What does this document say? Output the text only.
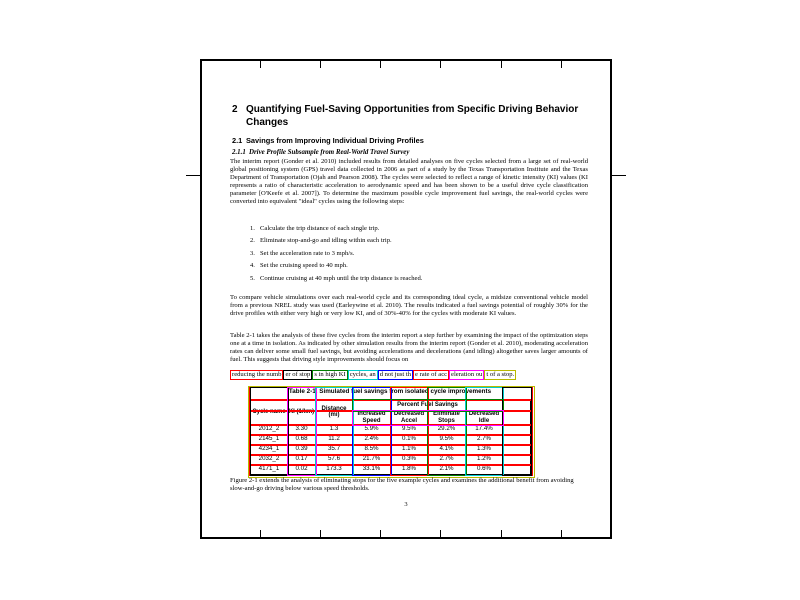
2 Quantifying Fuel-Saving Opportunities from Specific Driving Behavior Changes
2.1 Savings from Improving Individual Driving Profiles
2.1.1 Drive Profile Subsample from Real-World Travel Survey
The interim report (Gonder et al. 2010) included results from detailed analyses on five cycles selected from a large set of real-world global positioning system (GPS) travel data collected in 2006 as part of a study by the Texas Transportation Institute and the Texas Department of Transportation (Ojah and Pearson 2008). The cycles were selected to reflect a range of kinetic intensity (KI) values (KI represents a ratio of characteristic acceleration to aerodynamic speed and has been shown to be a useful drive cycle classification parameter [O'Keefe et al. 2007]). To determine the maximum possible cycle improvement fuel savings, the real-world cycles were converted into equivalent "ideal" cycles using the following steps:
1. Calculate the trip distance of each single trip.
2. Eliminate stop-and-go and idling within each trip.
3. Set the acceleration rate to 3 mph/s.
4. Set the cruising speed to 40 mph.
5. Continue cruising at 40 mph until the trip distance is reached.
To compare vehicle simulations over each real-world cycle and its corresponding ideal cycle, a midsize conventional vehicle model from a previous NREL study was used (Earleywine et al. 2010). The results indicated a fuel savings potential of roughly 30% for the drive profiles with either very high or very low KI, and of 30%-40% for the cycles with moderate KI values.
Table 2-1 takes the analysis of these five cycles from the interim report a step further by examining the impact of the optimization steps one at a time in isolation. As indicated by other simulation results from the interim report (Gonder et al. 2010), moderating acceleration rates can deliver some small fuel savings, but avoiding accelerations and decelerations (and idling) altogether saves larger amounts of fuel. This suggests that driving style improvements should focus on
reducing the numb er of stop s in high KI cycles, an d not just th e rate of acc eleration ou t of a stop.
Table 2-1. Simulated fuel savings from isolated cycle improvements
Cycle name	KI (1/km)	Distance (mi)	Percent Fuel Savings				
			Increased Speed	Decreased Accel	Eliminate Stops	Decreased Idle	
2012_2	3.30	1.3	5.9%	9.5%	29.2%	17.4%	
2145_1	0.68	11.2	2.4%	0.1%	9.5%	2.7%	
4234_1	0.39	35.7	8.5%	1.1%	4.1%	1.3%	
2032_2	0.17	57.6	21.7%	0.3%	2.7%	1.2%	
4171_1	0.02	173.3	33.1%	1.8%	2.1%	0.6%	
Figure 2-1 extends the analysis of eliminating stops for the five example cycles and examines the additional benefit from avoiding slow-and-go driving below various speed thresholds.
3
